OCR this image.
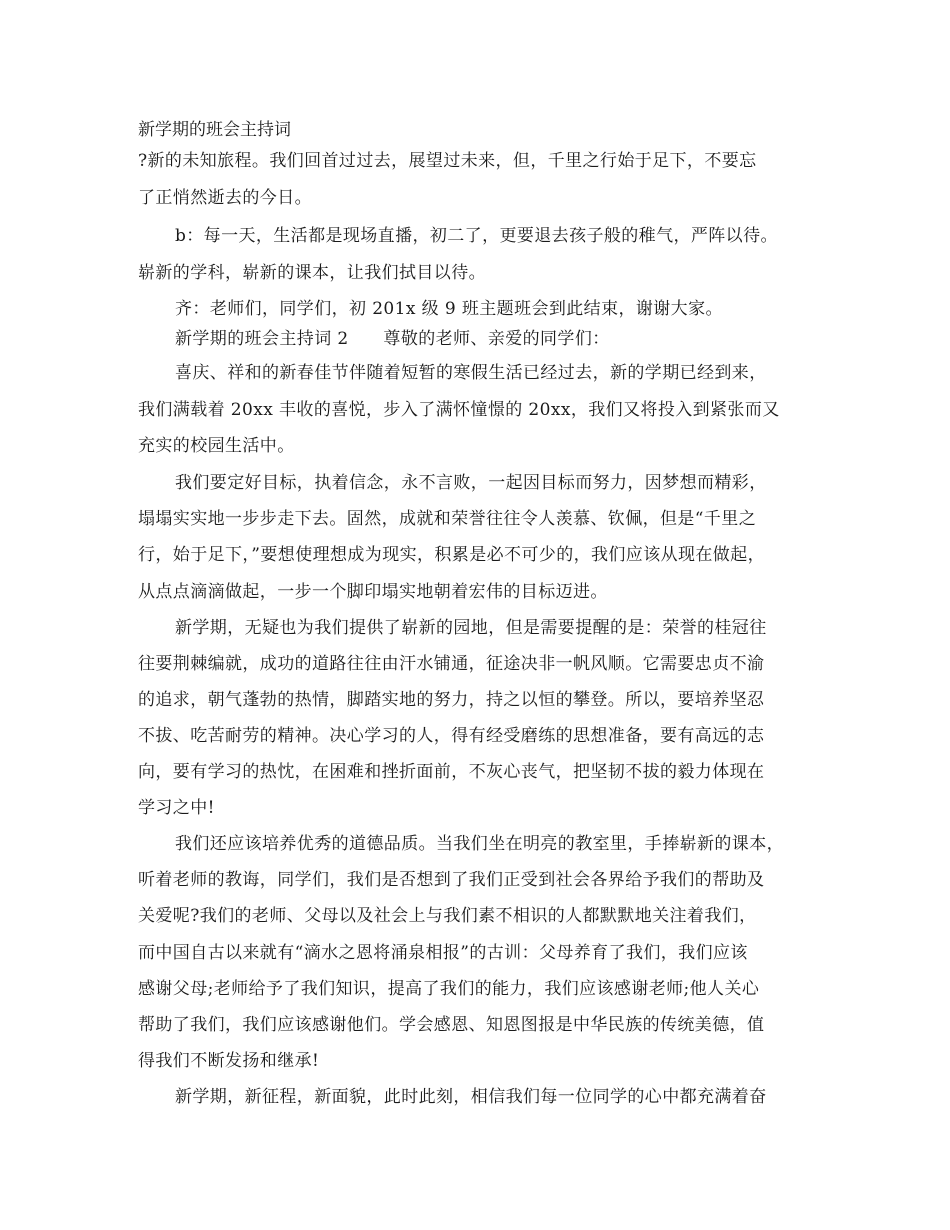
新学期的班会主持词
?新的未知旅程。我们回首过过去，展望过未来，但，千里之行始于足下，不要忘
了正悄然逝去的今日。
b：每一天，生活都是现场直播，初二了，更要退去孩子般的稚气，严阵以待。
崭新的学科，崭新的课本，让我们拭目以待。
齐：老师们，同学们，初 201x 级 9 班主题班会到此结束，谢谢大家。
新学期的班会主持词 2　　尊敬的老师、亲爱的同学们：
喜庆、祥和的新春佳节伴随着短暂的寒假生活已经过去，新的学期已经到来，
我们满载着 20xx 丰收的喜悦，步入了满怀憧憬的 20xx，我们又将投入到紧张而又
充实的校园生活中。
我们要定好目标，执着信念，永不言败，一起因目标而努力，因梦想而精彩，
塌塌实实地一步步走下去。固然，成就和荣誉往往令人羡慕、钦佩，但是“千里之
行，始于足下，”要想使理想成为现实，积累是必不可少的，我们应该从现在做起，
从点点滴滴做起，一步一个脚印塌实地朝着宏伟的目标迈进。
新学期，无疑也为我们提供了崭新的园地，但是需要提醒的是：荣誉的桂冠往
往要荆棘编就，成功的道路往往由汗水铺通，征途决非一帆风顺。它需要忠贞不渝
的追求，朝气蓬勃的热情，脚踏实地的努力，持之以恒的攀登。所以，要培养坚忍
不拔、吃苦耐劳的精神。决心学习的人，得有经受磨练的思想准备，要有高远的志
向，要有学习的热忱，在困难和挫折面前，不灰心丧气，把坚韧不拔的毅力体现在
学习之中!
我们还应该培养优秀的道德品质。当我们坐在明亮的教室里，手捧崭新的课本，
听着老师的教诲，同学们，我们是否想到了我们正受到社会各界给予我们的帮助及
关爱呢?我们的老师、父母以及社会上与我们素不相识的人都默默地关注着我们，
而中国自古以来就有“滴水之恩将涌泉相报”的古训：父母养育了我们，我们应该
感谢父母;老师给予了我们知识，提高了我们的能力，我们应该感谢老师;他人关心
帮助了我们，我们应该感谢他们。学会感恩、知恩图报是中华民族的传统美德，值
得我们不断发扬和继承!
新学期，新征程，新面貌，此时此刻，相信我们每一位同学的心中都充满着奋
